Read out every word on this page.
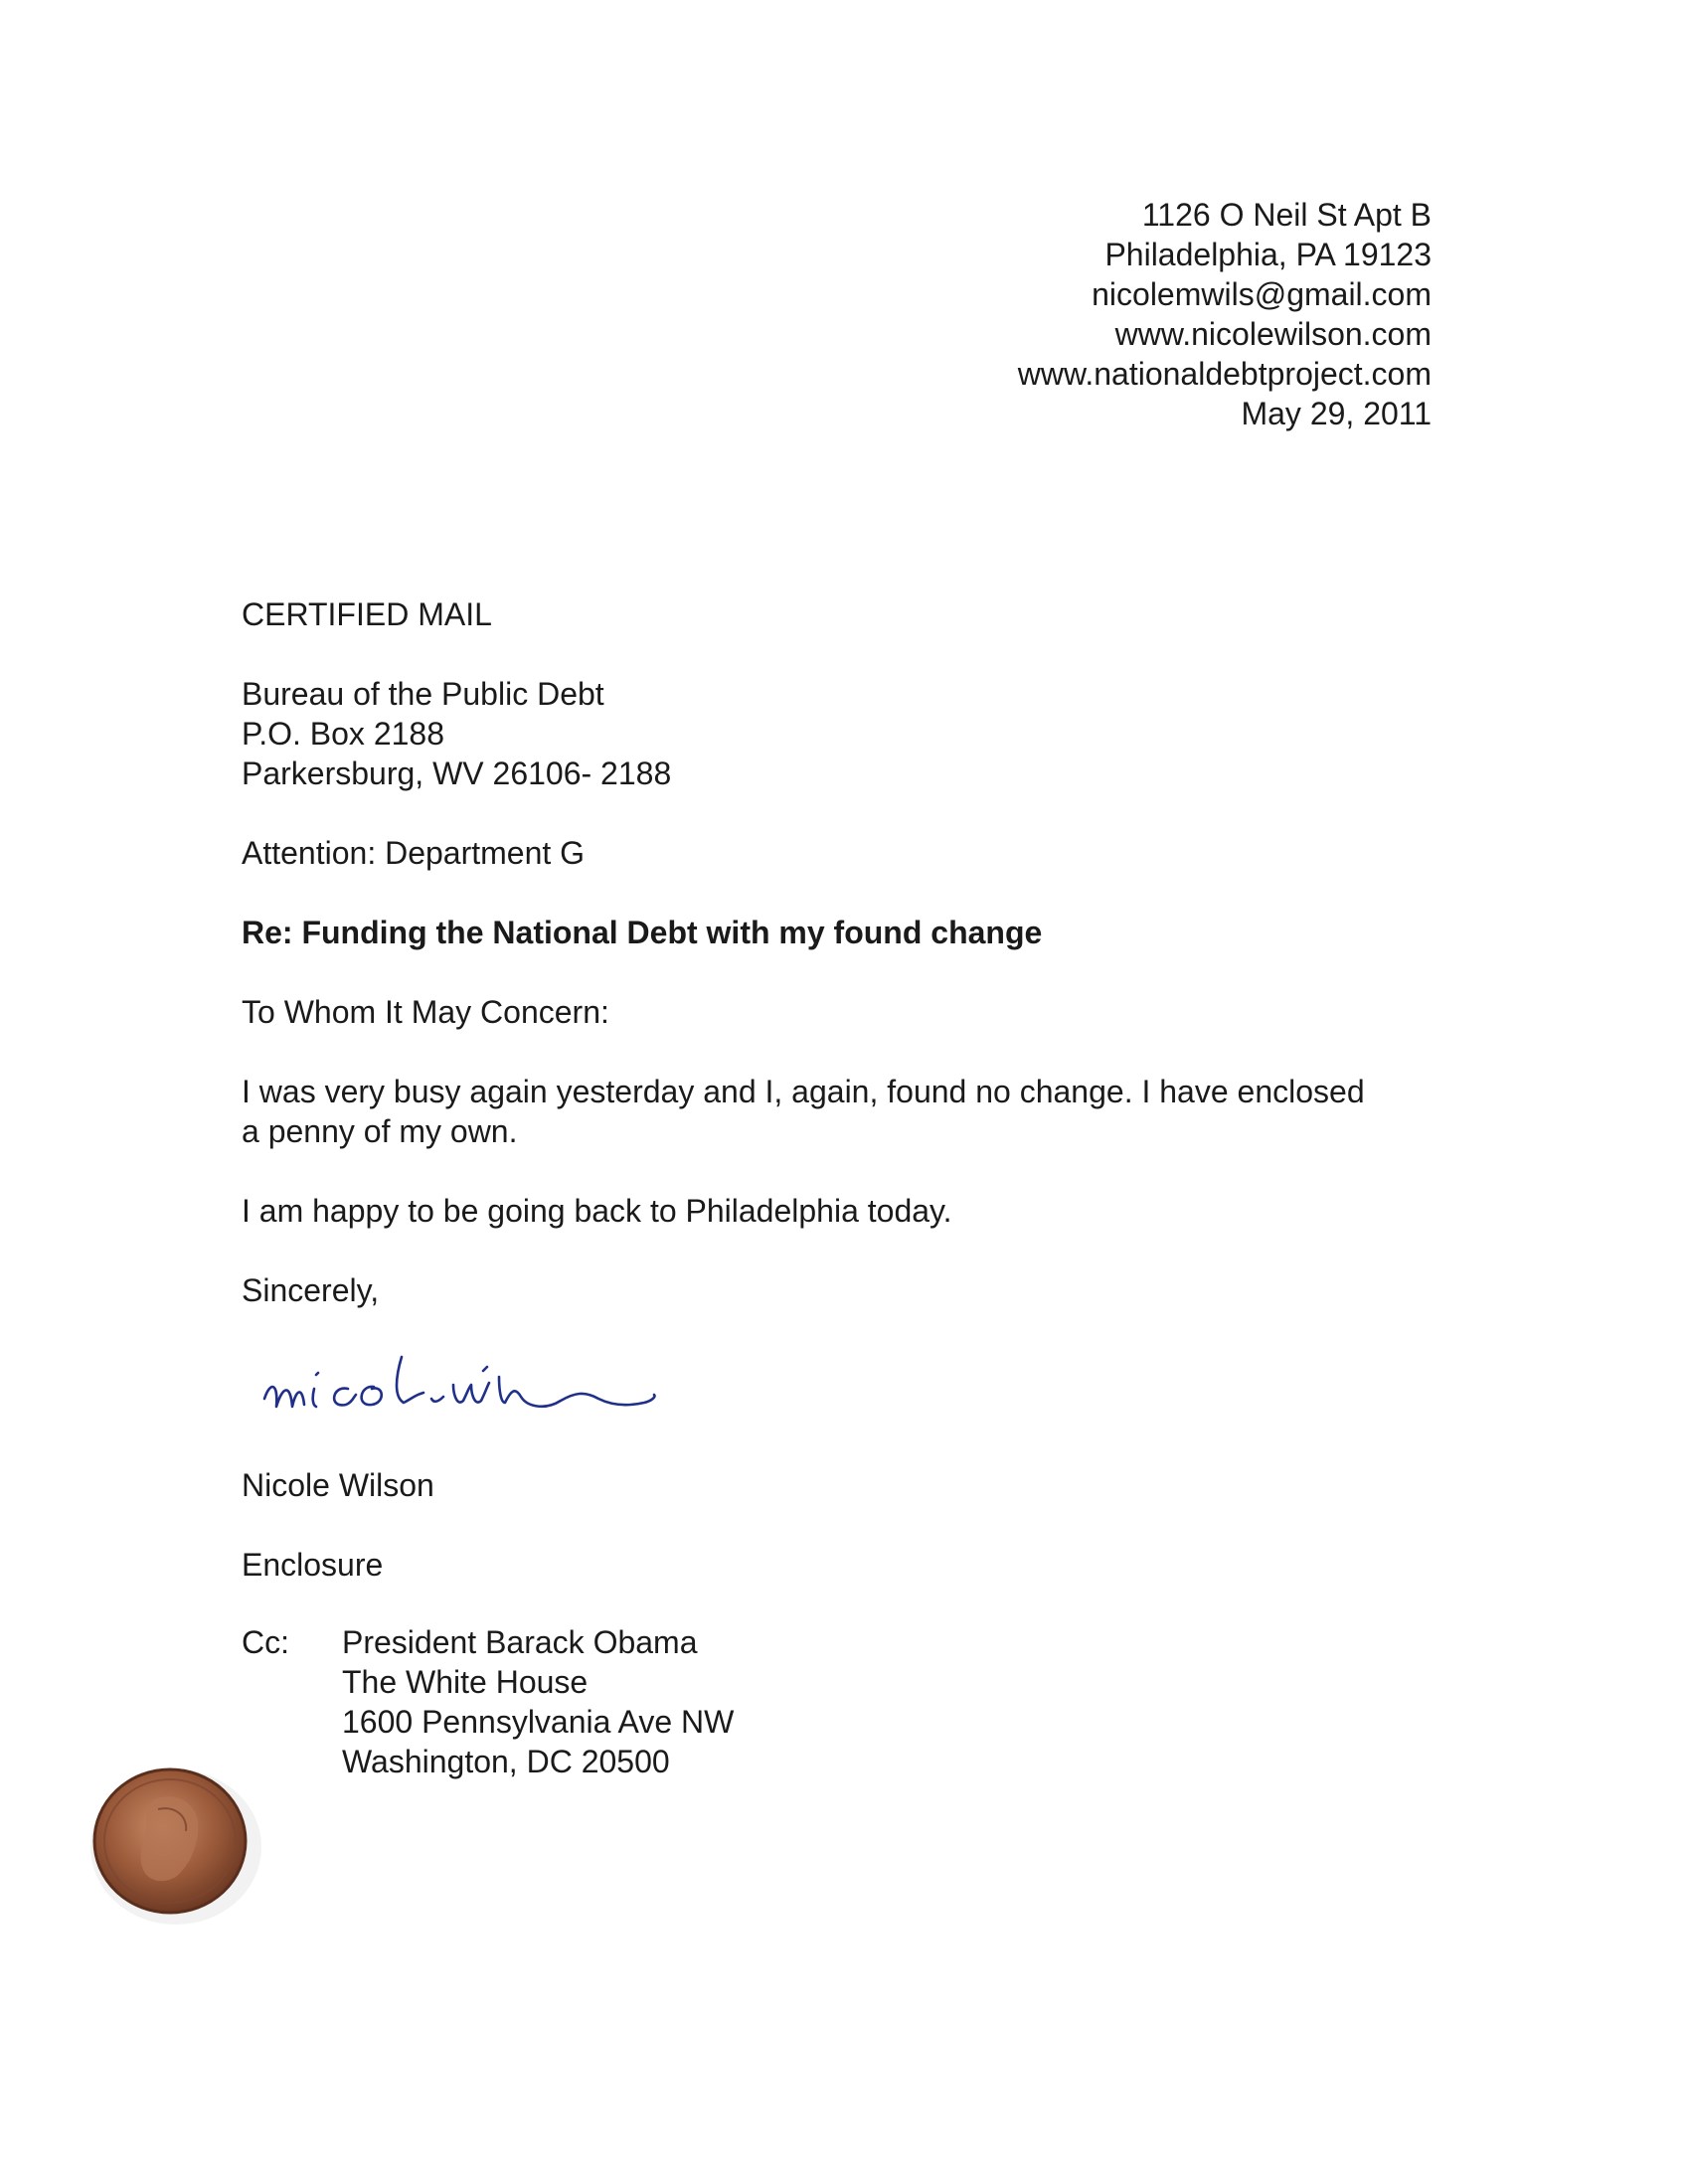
1126 O Neil St Apt B
Philadelphia, PA 19123
nicolemwils@gmail.com
www.nicolewilson.com
www.nationaldebtproject.com
May 29, 2011
CERTIFIED MAIL
Bureau of the Public Debt
P.O. Box 2188
Parkersburg, WV 26106- 2188
Attention: Department G
Re: Funding the National Debt with my found change
To Whom It May Concern:
I was very busy again yesterday and I, again, found no change. I have enclosed
a penny of my own.
I am happy to be going back to Philadelphia today.
Sincerely,
Nicole Wilson
Enclosure
Cc: President Barack Obama
The White House
1600 Pennsylvania Ave NW
Washington, DC 20500
